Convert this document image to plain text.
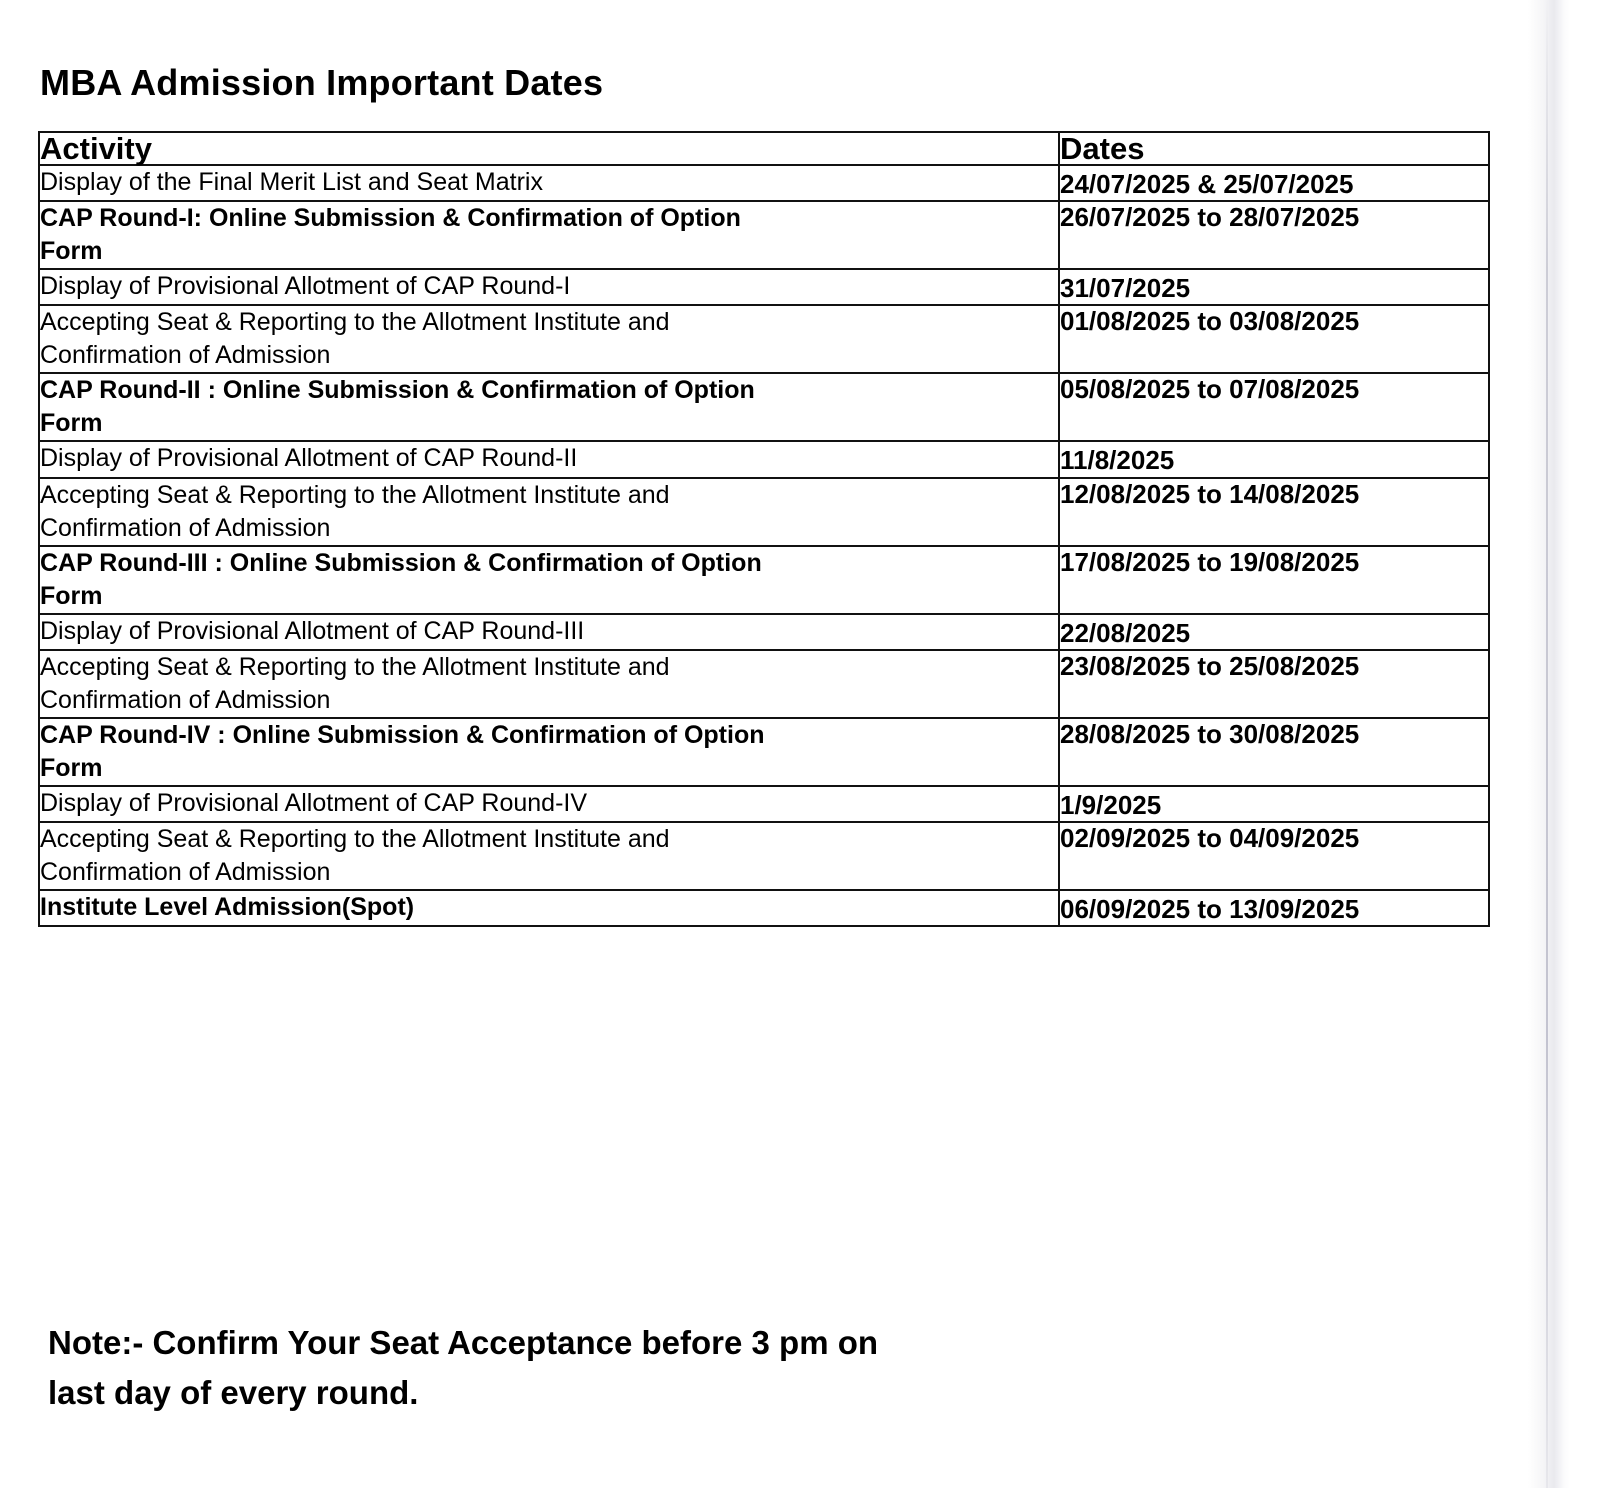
MBA Admission Important Dates
Activity	Dates

Display of the Final Merit List and Seat Matrix	24/07/2025 & 25/07/2025

CAP Round-I: Online Submission & Confirmation of Option
Form	26/07/2025 to 28/07/2025

Display of Provisional Allotment of CAP Round-I	31/07/2025

Accepting Seat & Reporting to the Allotment Institute and
Confirmation of Admission	01/08/2025 to 03/08/2025

CAP Round-II : Online Submission & Confirmation of Option
Form	05/08/2025 to 07/08/2025

Display of Provisional Allotment of CAP Round-II	11/8/2025

Accepting Seat & Reporting to the Allotment Institute and
Confirmation of Admission	12/08/2025 to 14/08/2025

CAP Round-III : Online Submission & Confirmation of Option
Form	17/08/2025 to 19/08/2025

Display of Provisional Allotment of CAP Round-III	22/08/2025

Accepting Seat & Reporting to the Allotment Institute and
Confirmation of Admission	23/08/2025 to 25/08/2025

CAP Round-IV : Online Submission & Confirmation of Option
Form	28/08/2025 to 30/08/2025

Display of Provisional Allotment of CAP Round-IV	1/9/2025

Accepting Seat & Reporting to the Allotment Institute and
Confirmation of Admission	02/09/2025 to 04/09/2025

Institute Level Admission(Spot)	06/09/2025 to 13/09/2025
Note:- Confirm Your Seat Acceptance before 3 pm on
last day of every round.
